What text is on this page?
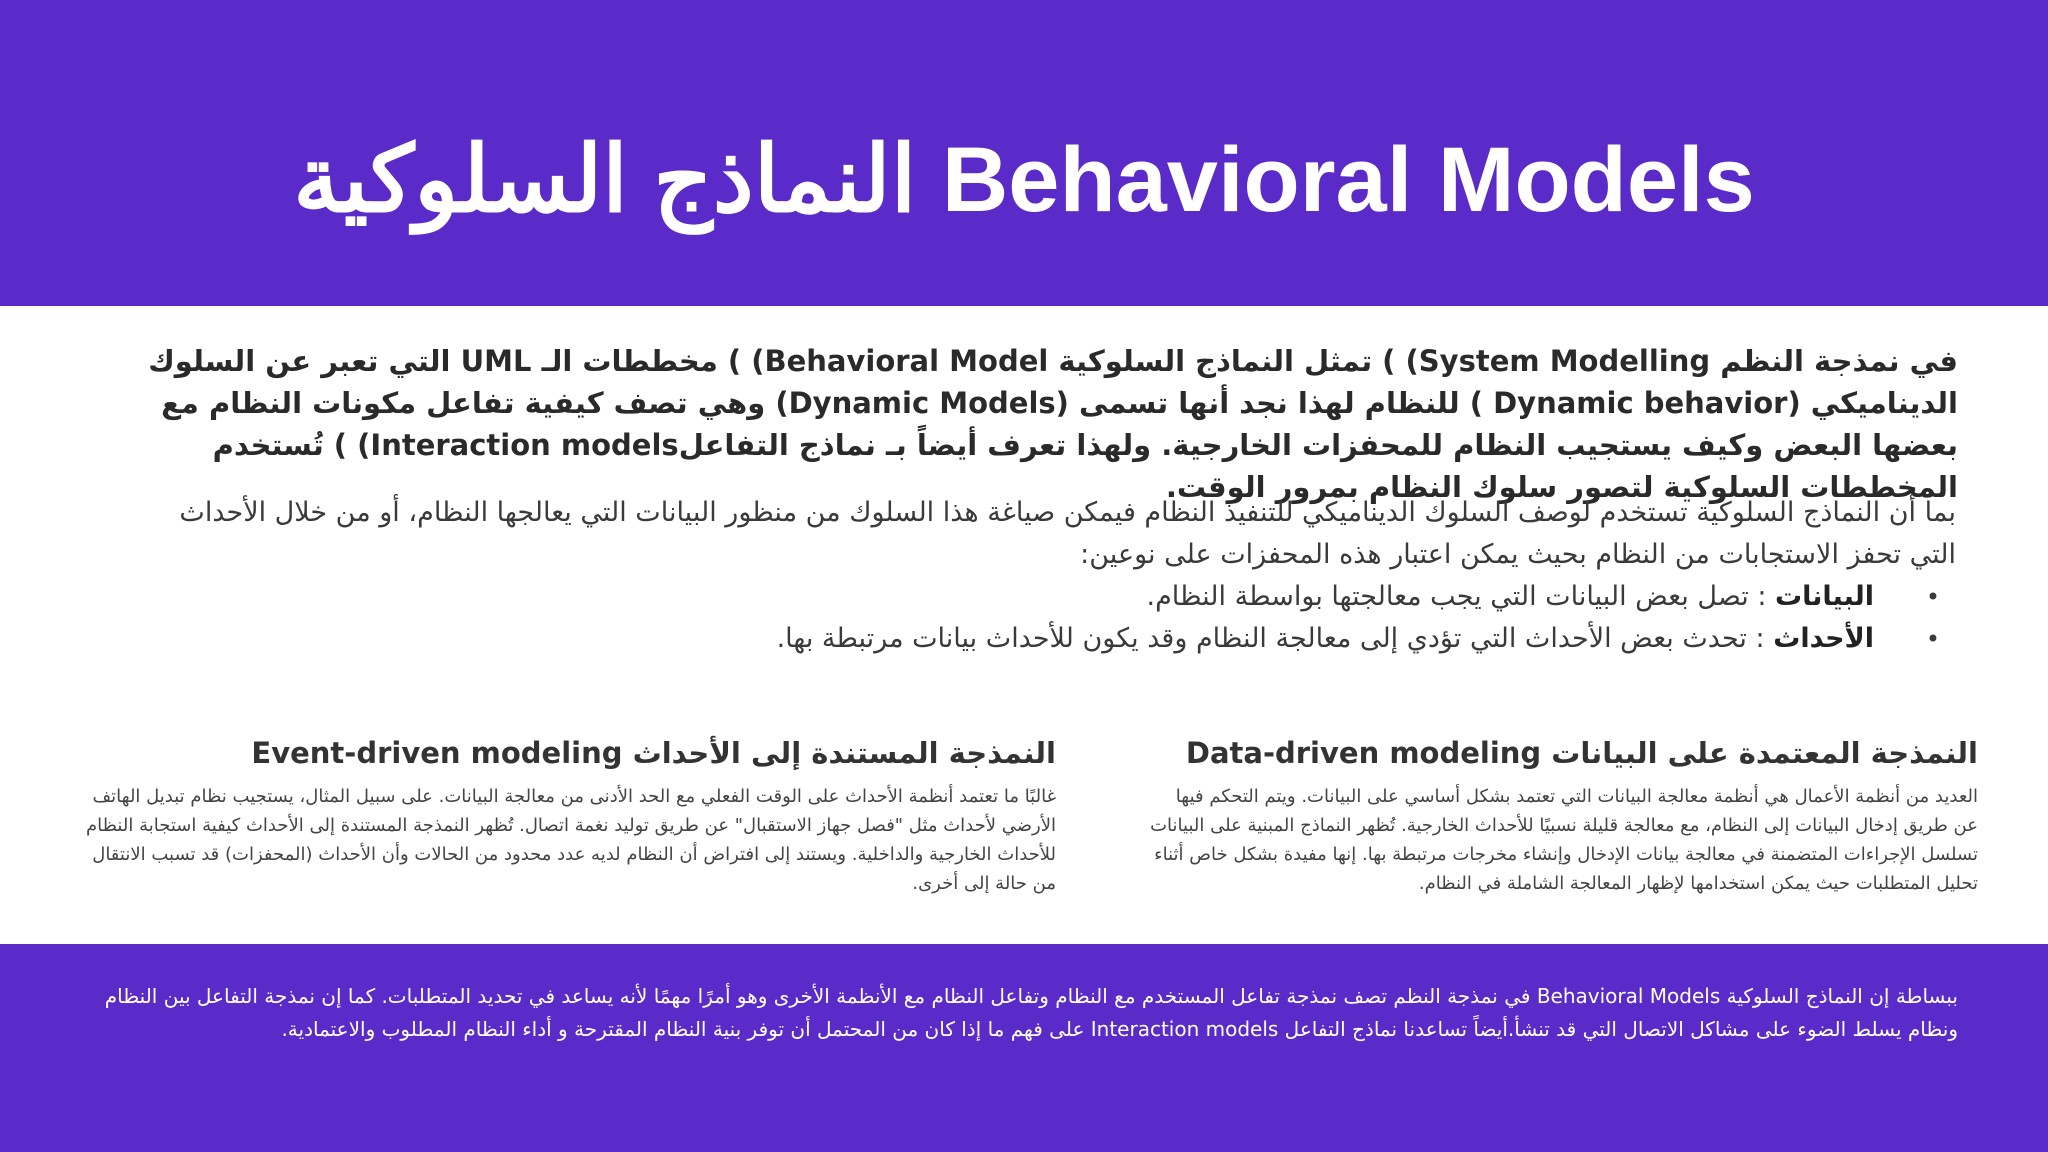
النماذج السلوكية Behavioral Models

في نمذجة النظم System Modelling) ) تمثل النماذج السلوكية Behavioral Model) ) مخططات الـ UML التي تعبر عن السلوك الديناميكي (Dynamic behavior ) للنظام لهذا نجد أنها تسمى (Dynamic Models) وهي تصف كيفية تفاعل مكونات النظام مع بعضها البعض وكيف يستجيب النظام للمحفزات الخارجية. ولهذا تعرف أيضاً بـ نماذج التفاعلInteraction models) ) تُستخدم المخططات السلوكية لتصور سلوك النظام بمرور الوقت.

بما أن النماذج السلوكية تستخدم لوصف السلوك الديناميكي للتنفيذ النظام فيمكن صياغة هذا السلوك من منظور البيانات التي يعالجها النظام، أو من خلال الأحداث التي تحفز الاستجابات من النظام بحيث يمكن اعتبار هذه المحفزات على نوعين:

•
البيانات : تصل بعض البيانات التي يجب معالجتها بواسطة النظام.
•
الأحداث : تحدث بعض الأحداث التي تؤدي إلى معالجة النظام وقد يكون للأحداث بيانات مرتبطة بها.
النمذجة المعتمدة على البيانات Data-driven modeling

العديد من أنظمة الأعمال هي أنظمة معالجة البيانات التي تعتمد بشكل أساسي على البيانات. ويتم التحكم فيها عن طريق إدخال البيانات إلى النظام، مع معالجة قليلة نسبيًا للأحداث الخارجية. تُظهر النماذج المبنية على البيانات تسلسل الإجراءات المتضمنة في معالجة بيانات الإدخال وإنشاء مخرجات مرتبطة بها. إنها مفيدة بشكل خاص أثناء تحليل المتطلبات حيث يمكن استخدامها لإظهار المعالجة الشاملة في النظام.

النمذجة المستندة إلى الأحداث Event-driven modeling

غالبًا ما تعتمد أنظمة الأحداث على الوقت الفعلي مع الحد الأدنى من معالجة البيانات. على سبيل المثال، يستجيب نظام تبديل الهاتف الأرضي لأحداث مثل "فصل جهاز الاستقبال" عن طريق توليد نغمة اتصال. تُظهر النمذجة المستندة إلى الأحداث كيفية استجابة النظام للأحداث الخارجية والداخلية. ويستند إلى افتراض أن النظام لديه عدد محدود من الحالات وأن الأحداث (المحفزات) قد تسبب الانتقال من حالة إلى أخرى.

ببساطة إن النماذج السلوكية Behavioral Models في نمذجة النظم تصف نمذجة تفاعل المستخدم مع النظام وتفاعل النظام مع الأنظمة الأخرى وهو أمرًا مهمًا لأنه يساعد في تحديد المتطلبات. كما إن نمذجة التفاعل بين النظام ونظام يسلط الضوء على مشاكل الاتصال التي قد تنشأ.أيضاً تساعدنا نماذج التفاعل Interaction models على فهم ما إذا كان من المحتمل أن توفر بنية النظام المقترحة و أداء النظام المطلوب والاعتمادية.
